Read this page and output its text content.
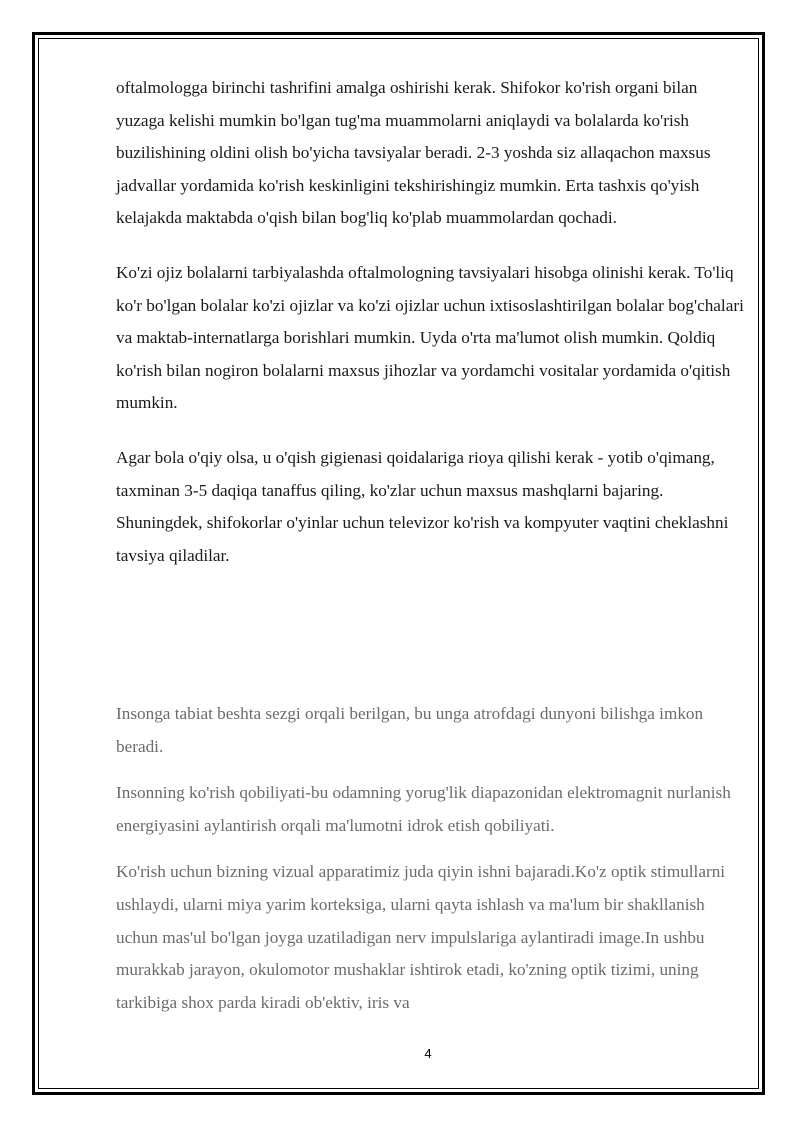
oftalmologga birinchi tashrifini amalga oshirishi kerak. Shifokor ko'rish organi bilan yuzaga kelishi mumkin bo'lgan tug'ma muammolarni aniqlaydi va bolalarda ko'rish buzilishining oldini olish bo'yicha tavsiyalar beradi. 2-3 yoshda siz allaqachon maxsus jadvallar yordamida ko'rish keskinligini tekshirishingiz mumkin. Erta tashxis qo'yish kelajakda maktabda o'qish bilan bog'liq ko'plab muammolardan qochadi.

Ko'zi ojiz bolalarni tarbiyalashda oftalmologning tavsiyalari hisobga olinishi kerak. To'liq ko'r bo'lgan bolalar ko'zi ojizlar va ko'zi ojizlar uchun ixtisoslashtirilgan bolalar bog'chalari va maktab-internatlarga borishlari mumkin. Uyda o'rta ma'lumot olish mumkin. Qoldiq ko'rish bilan nogiron bolalarni maxsus jihozlar va yordamchi vositalar yordamida o'qitish mumkin.

Agar bola o'qiy olsa, u o'qish gigienasi qoidalariga rioya qilishi kerak - yotib o'qimang, taxminan 3-5 daqiqa tanaffus qiling, ko'zlar uchun maxsus mashqlarni bajaring. Shuningdek, shifokorlar o'yinlar uchun televizor ko'rish va kompyuter vaqtini cheklashni tavsiya qiladilar.

Insonga tabiat beshta sezgi orqali berilgan, bu unga atrofdagi dunyoni bilishga imkon beradi.

Insonning ko'rish qobiliyati-bu odamning yorug'lik diapazonidan elektromagnit nurlanish energiyasini aylantirish orqali ma'lumotni idrok etish qobiliyati.

Ko'rish uchun bizning vizual apparatimiz juda qiyin ishni bajaradi.Ko'z optik stimullarni ushlaydi, ularni miya yarim korteksiga, ularni qayta ishlash va ma'lum bir shakllanish uchun mas'ul bo'lgan joyga uzatiladigan nerv impulslariga aylantiradi image.In ushbu murakkab jarayon, okulomotor mushaklar ishtirok etadi, ko'zning optik tizimi, uning tarkibiga shox parda kiradi ob'ektiv, iris va

4
